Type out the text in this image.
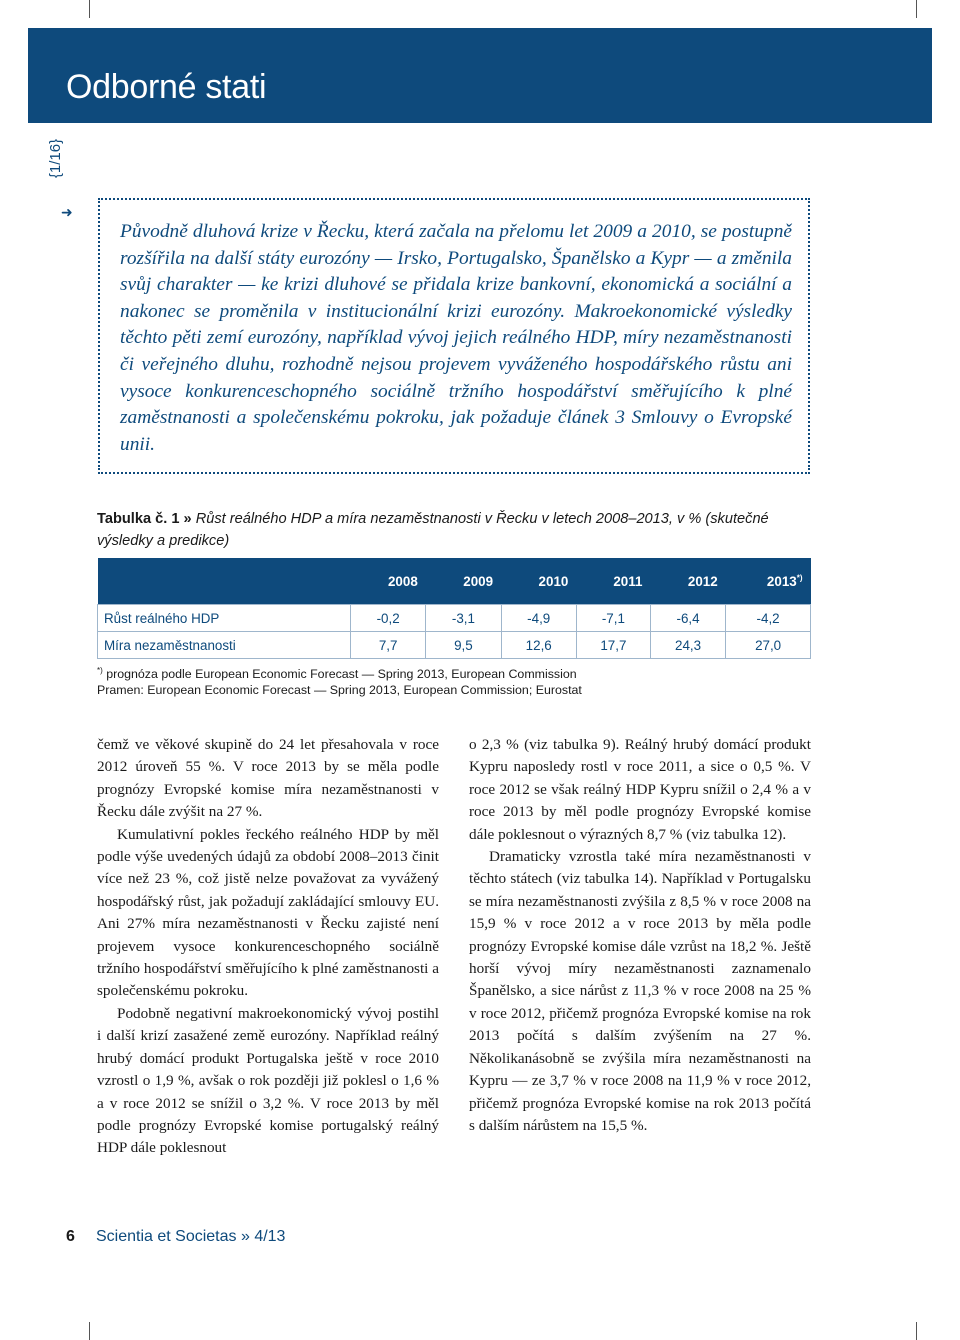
Odborné stati
{1/16}
➜
Původně dluhová krize v Řecku, která začala na přelomu let 2009 a 2010, se postupně rozšířila na další státy eurozóny — Irsko, Portugalsko, Španělsko a Kypr — a změnila svůj charakter — ke krizi dluhové se přidala krize bankovní, ekonomická a sociální a nakonec se proměnila v institucionální krizi eurozóny. Makroekonomické výsledky těchto pěti zemí eurozóny, například vývoj jejich reálného HDP, míry nezaměstnanosti či veřejného dluhu, rozhodně nejsou projevem vyváženého hospodářského růstu ani vysoce konkurenceschopného sociálně tržního hospodářství směřujícího k plné zaměstnanosti a společenskému pokroku, jak požaduje článek 3 Smlouvy o Evropské unii.
Tabulka č. 1 » Růst reálného HDP a míra nezaměstnanosti v Řecku v letech 2008–2013, v % (skutečné výsledky a predikce)
	2008	2009	2010	2011	2012	2013*)
Růst reálného HDP	-0,2	-3,1	-4,9	-7,1	-6,4	-4,2
Míra nezaměstnanosti	7,7	9,5	12,6	17,7	24,3	27,0
*) prognóza podle European Economic Forecast — Spring 2013, European Commission
Pramen: European Economic Forecast — Spring 2013, European Commission; Eurostat

čemž ve věkové skupině do 24 let přesahovala v roce 2012 úroveň 55 %. V roce 2013 by se měla podle prognózy Evropské komise míra nezaměstnanosti v Řecku dále zvýšit na 27 %.

Kumulativní pokles řeckého reálného HDP by měl podle výše uvedených údajů za období 2008–2013 činit více než 23 %, což jistě nelze považovat za vyvážený hospodářský růst, jak požadují zakládající smlouvy EU. Ani 27% míra nezaměstnanosti v Řecku zajisté není projevem vysoce konkurenceschopného sociálně tržního hospodářství směřujícího k plné zaměstnanosti a společenskému pokroku.

Podobně negativní makroekonomický vývoj postihl i další krizí zasažené země eurozóny. Například reálný hrubý domácí produkt Portugalska ještě v roce 2010 vzrostl o 1,9 %, avšak o rok později již poklesl o 1,6 % a v roce 2012 se snížil o 3,2 %. V roce 2013 by měl podle prognózy Evropské komise portugalský reálný HDP dále poklesnout

o 2,3 % (viz tabulka 9). Reálný hrubý domácí produkt Kypru naposledy rostl v roce 2011, a sice o 0,5 %. V roce 2012 se však reálný HDP Kypru snížil o 2,4 % a v roce 2013 by měl podle prognózy Evropské komise dále poklesnout o výrazných 8,7 % (viz tabulka 12).

Dramaticky vzrostla také míra nezaměstnanosti v těchto státech (viz tabulka 14). Například v Portugalsku se míra nezaměstnanosti zvýšila z 8,5 % v roce 2008 na 15,9 % v roce 2012 a v roce 2013 by měla podle prognózy Evropské komise dále vzrůst na 18,2 %. Ještě horší vývoj míry nezaměstnanosti zaznamenalo Španělsko, a sice nárůst z 11,3 % v roce 2008 na 25 % v roce 2012, přičemž prognóza Evropské komise na rok 2013 počítá s dalším zvýšením na 27 %. Několikanásobně se zvýšila míra nezaměstnanosti na Kypru — ze 3,7 % v roce 2008 na 11,9 % v roce 2012, přičemž prognóza Evropské komise na rok 2013 počítá s dalším nárůstem na 15,5 %.

6 Scientia et Societas » 4/13
